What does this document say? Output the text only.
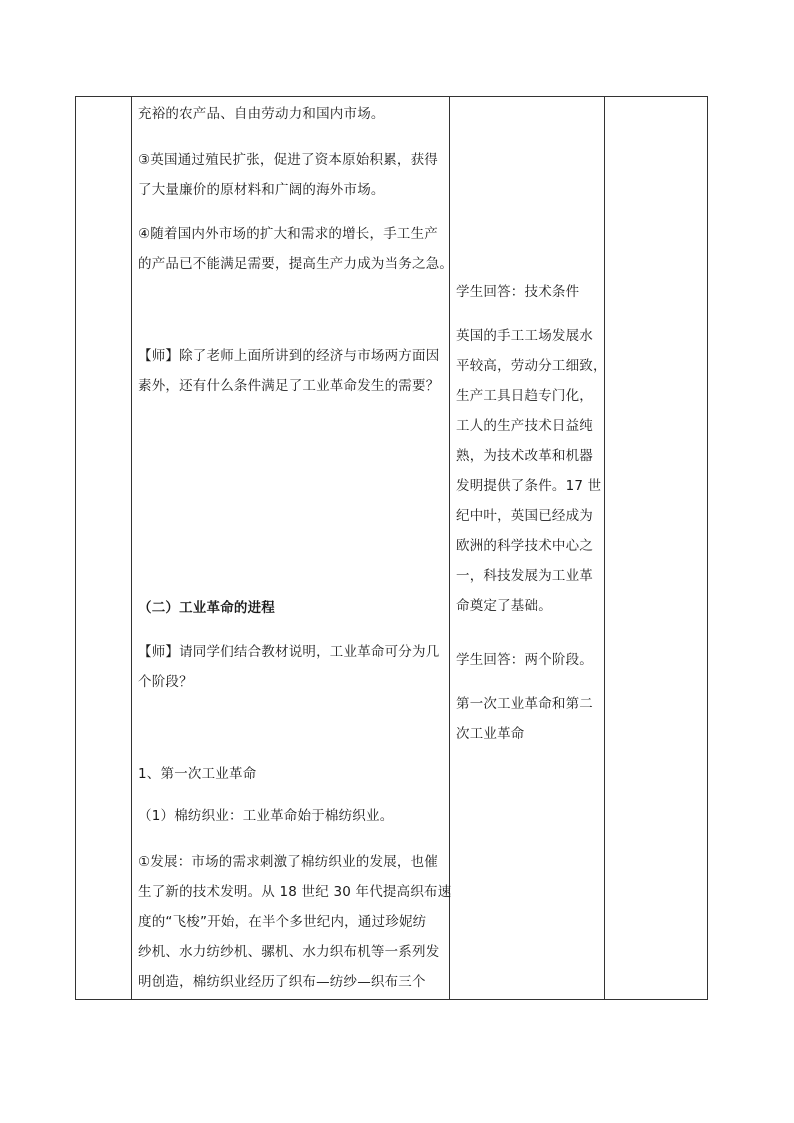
充裕的农产品、自由劳动力和国内市场。
③英国通过殖民扩张，促进了资本原始积累，获得
了大量廉价的原材料和广阔的海外市场。
④随着国内外市场的扩大和需求的增长，手工生产
的产品已不能满足需要，提高生产力成为当务之急。
【师】除了老师上面所讲到的经济与市场两方面因
素外，还有什么条件满足了工业革命发生的需要？
（二）工业革命的进程
【师】请同学们结合教材说明，工业革命可分为几
个阶段？
1、第一次工业革命
（1）棉纺织业：工业革命始于棉纺织业。
①发展：市场的需求刺激了棉纺织业的发展，也催
生了新的技术发明。从 18 世纪 30 年代提高织布速
度的“飞梭”开始，在半个多世纪内，通过珍妮纺
纱机、水力纺纱机、骡机、水力织布机等一系列发
明创造，棉纺织业经历了织布—纺纱—织布三个
学生回答：技术条件
英国的手工工场发展水
平较高，劳动分工细致，
生产工具日趋专门化，
工人的生产技术日益纯
熟，为技术改革和机器
发明提供了条件。17 世
纪中叶，英国已经成为
欧洲的科学技术中心之
一，科技发展为工业革
命奠定了基础。
学生回答：两个阶段。
第一次工业革命和第二
次工业革命
